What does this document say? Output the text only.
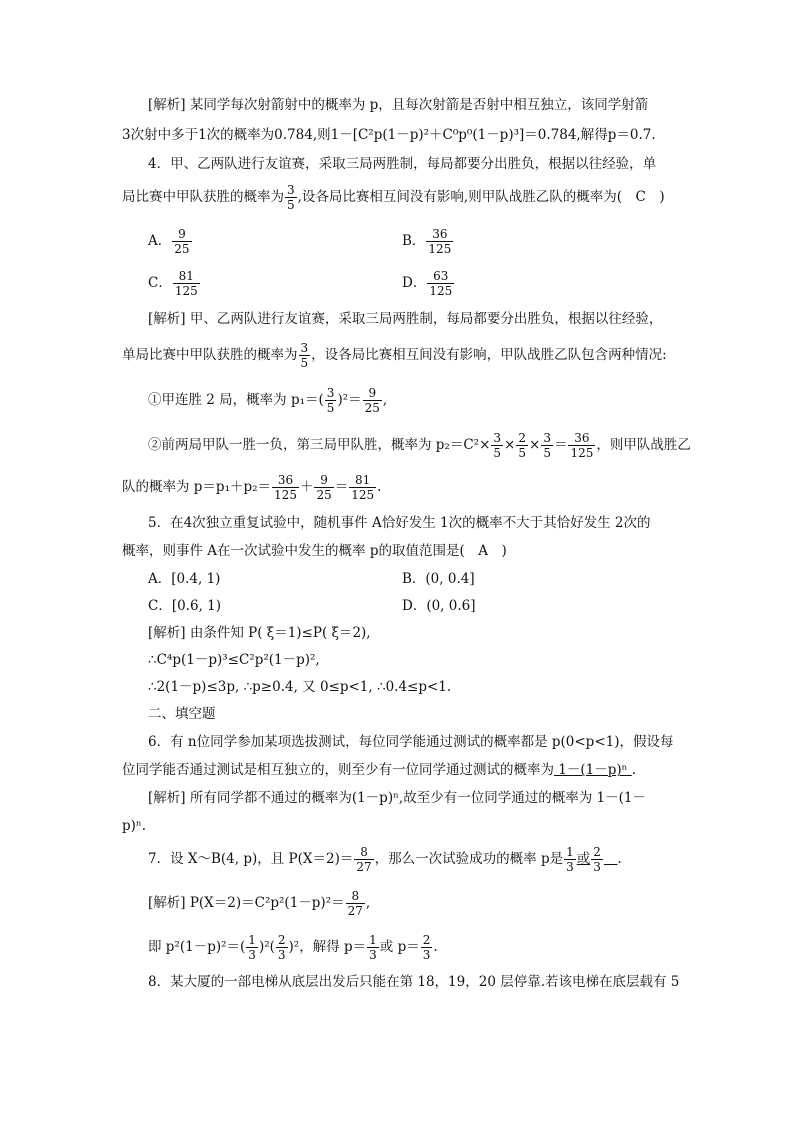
[解析] 某同学每次射箭射中的概率为 p，且每次射箭是否射中相互独立，该同学射箭
3次射中多于1次的概率为0.784,则1－[C²p(1－p)²＋C⁰p⁰(1－p)³]＝0.784,解得p＝0.7.
4．甲、乙两队进行友谊赛，采取三局两胜制，每局都要分出胜负，根据以往经验，单
局比赛中甲队获胜的概率为 $\frac{3}{5}$ ,设各局比赛相互间没有影响,则甲队战胜乙队的概率为(　C　)
A． $\frac{9}{25}$	B． $\frac{36}{125}$
C． $\frac{81}{125}$	D． $\frac{63}{125}$
[解析] 甲、乙两队进行友谊赛，采取三局两胜制，每局都要分出胜负，根据以往经验，
单局比赛中甲队获胜的概率为 $\frac{3}{5}$ ，设各局比赛相互间没有影响，甲队战胜乙队包含两种情况:
①甲连胜 2 局，概率为 $p_1=( \frac{3}{5} )^2= \frac{9}{25}$ ,
②前两局甲队一胜一负，第三局甲队胜，概率为 $p_2=C^2\times \frac{3}{5} \times \frac{2}{5} \times \frac{3}{5} = \frac{36}{125}$ ，则甲队战胜乙
队的概率为 $p=p_1+p_2= \frac{36}{125} + \frac{9}{25} = \frac{81}{125}$ .
5．在4次独立重复试验中，随机事件 A恰好发生 1次的概率不大于其恰好发生 2次的
概率，则事件 A在一次试验中发生的概率 p的取值范围是(　A　)
A．[0.4, 1)	B．(0, 0.4]
C．[0.6, 1)	D．(0, 0.6]
[解析] 由条件知 P( ξ＝1)≤P( ξ＝2),
∴C⁴p(1－p)³≤C²p²(1－p)²,
∴2(1－p)≤3p, ∴p≥0.4, 又 0≤p<1, ∴0.4≤p<1.
二、填空题
6．有 n位同学参加某项选拔测试，每位同学能通过测试的概率都是 p(0<p<1)，假设每
位同学能否通过测试是相互独立的，则至少有一位同学通过测试的概率为 1－(1－p)ⁿ .
[解析] 所有同学都不通过的概率为(1－p)ⁿ,故至少有一位同学通过的概率为 1－(1－
p)ⁿ.
7．设 X～B(4, p)，且 $P(X=2)= \frac{8}{27}$ ，那么一次试验成功的概率 p是 $\frac{1}{3}$ 或 $\frac{2}{3}$
  .
[解析] $P(X=2)=C^2p^2(1-p)^2= \frac{8}{27}$ ,
即 $p^2(1-p)^2=( \frac{1}{3} )^2( \frac{2}{3} )^2$，解得 $p= \frac{1}{3}$ 或 $p= \frac{2}{3}$ .
8．某大厦的一部电梯从底层出发后只能在第 18，19，20 层停靠.若该电梯在底层载有 5
